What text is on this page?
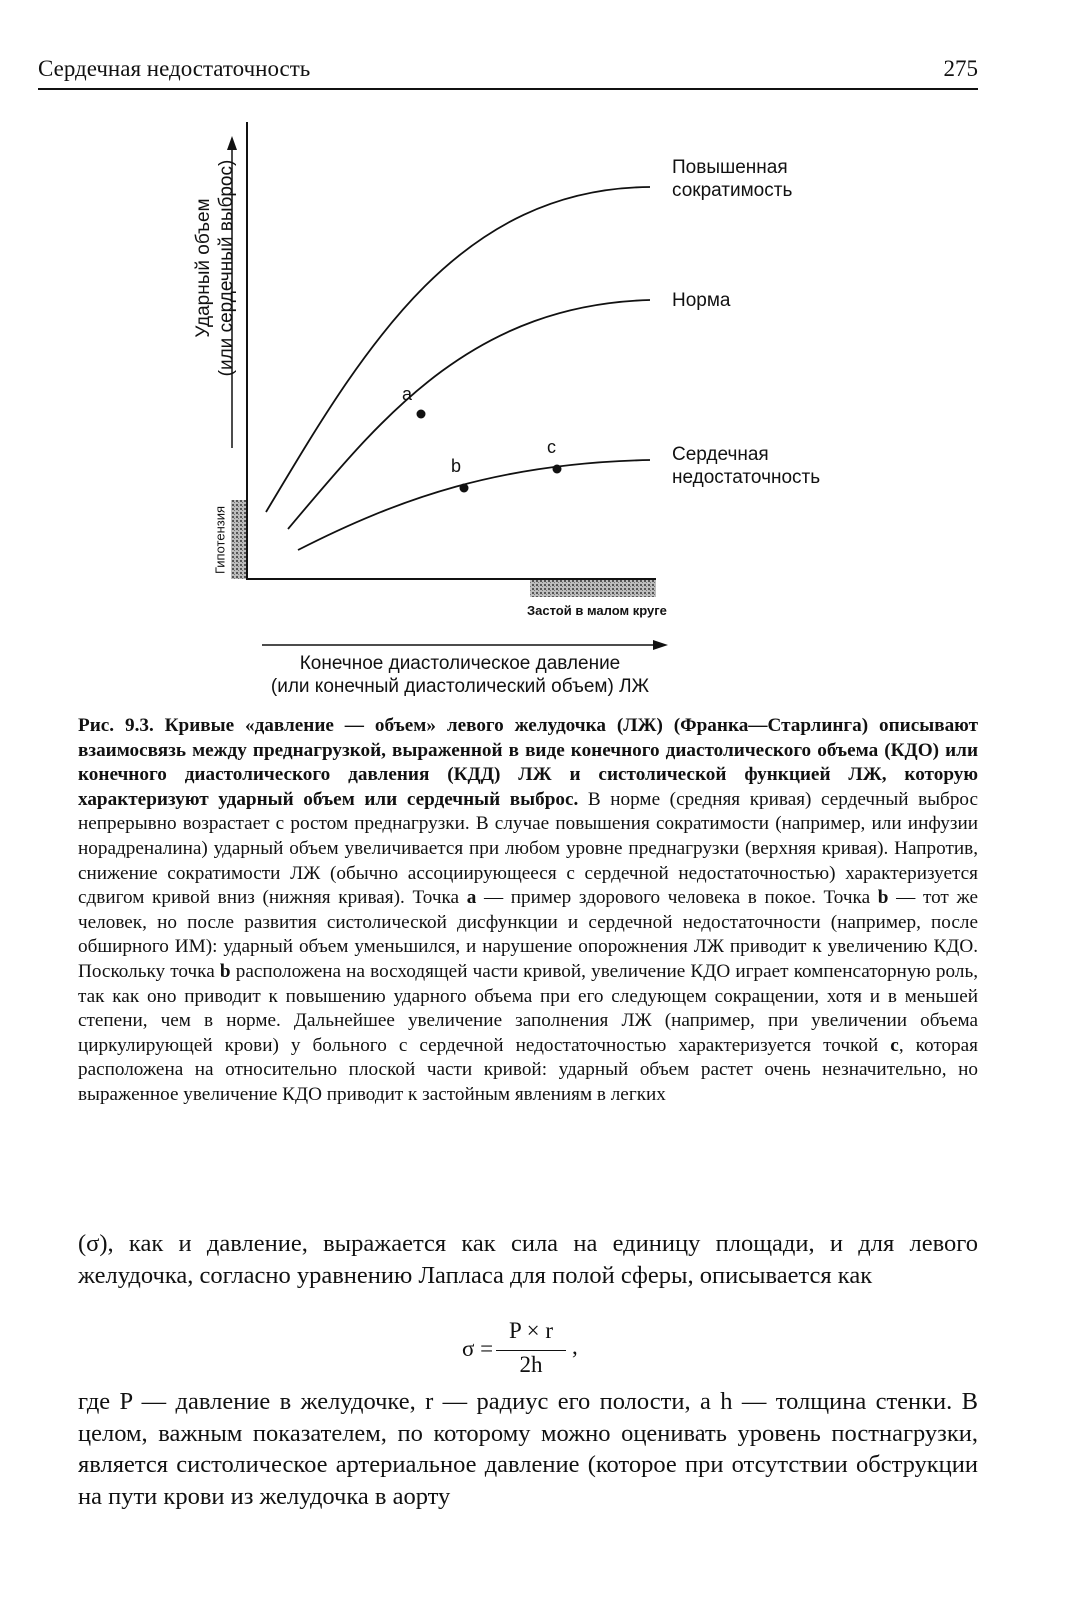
Сердечная недостаточность	275
Ударный объем (или сердечный выброс)
Гипотензия
Застой в малом круге
Повышенная
сократимость
Норма
Сердечная
недостаточность
a
b
c
Конечное диастолическое давление
(или конечный диастолический объем) ЛЖ

Рис. 9.3. Кривые «давление — объем» левого желудочка (ЛЖ) (Франка—Старлинга) описывают взаимосвязь между преднагрузкой, выраженной в виде конечного диастолического объема (КДО) или конечного диастолического давления (КДД) ЛЖ и систолической функцией ЛЖ, которую характеризуют ударный объем или сердечный выброс. В норме (средняя кривая) сердечный выброс непрерывно возрастает с ростом преднагрузки. В случае повышения сократимости (например, или инфузии норадреналина) ударный объем увеличивается при любом уровне преднагрузки (верхняя кривая). Напротив, снижение сократимости ЛЖ (обычно ассоциирующееся с сердечной недостаточностью) характеризуется сдвигом кривой вниз (нижняя кривая). Точка a — пример здорового человека в покое. Точка b — тот же человек, но после развития систолической дисфункции и сердечной недостаточности (например, после обширного ИМ): ударный объем уменьшился, и нарушение опорожнения ЛЖ приводит к увеличению КДО. Поскольку точка b расположена на восходящей части кривой, увеличение КДО играет компенсаторную роль, так как оно приводит к повышению ударного объема при его следующем сокращении, хотя и в меньшей степени, чем в норме. Дальнейшее увеличение заполнения ЛЖ (например, при увеличении объема циркулирующей крови) у больного с сердечной недостаточностью характеризуется точкой c, которая расположена на относительно плоской части кривой: ударный объем растет очень незначительно, но выраженное увеличение КДО приводит к застойным явлениям в легких

(σ), как и давление, выражается как сила на единицу площади, и для левого желудочка, согласно уравнению Лапласа для полой сферы, описывается как

σ =
P × r
2h
,

где P — давление в желудочке, r — радиус его полости, а h — толщина стенки. В целом, важным показателем, по которому можно оценивать уровень постнагрузки, является систолическое артериальное давление (которое при отсутствии обструкции на пути крови из желудочка в аорту
